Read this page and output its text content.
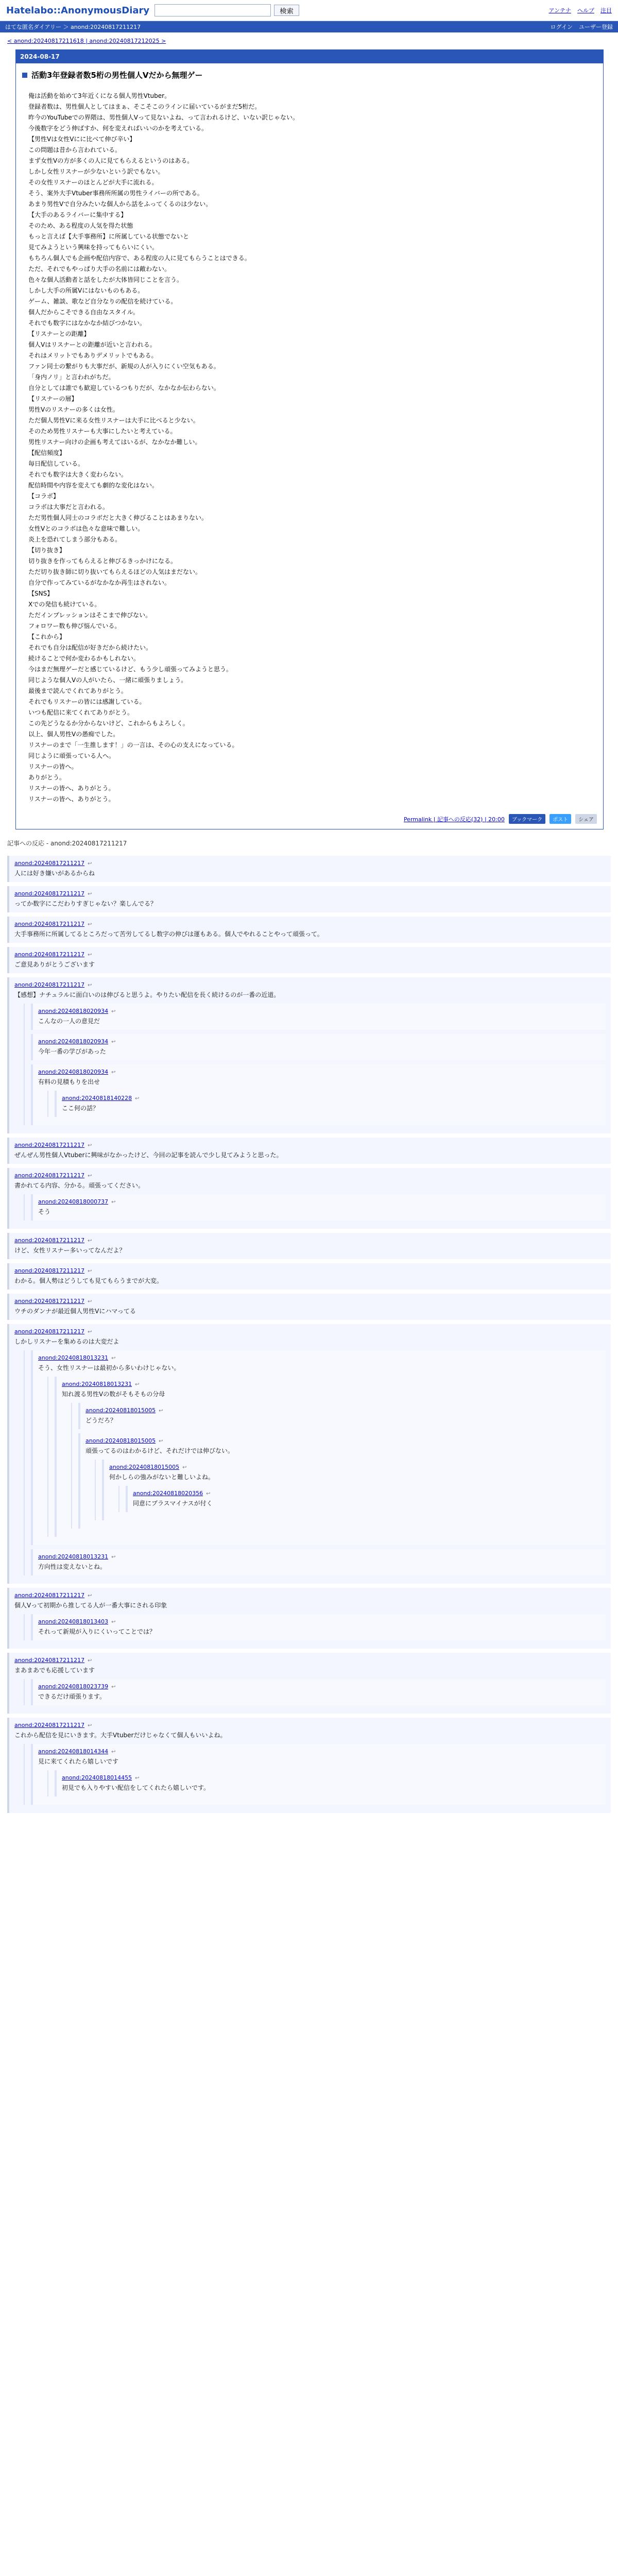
Hatelabo::AnonymousDiary	検索	アンテナ ヘルプ 注目
はてな匿名ダイアリー ＞ anond:20240817211217	ログイン ユーザー登録
< anond:20240817211618 | anond:20240817212025 >
2024-08-17
活動3年登録者数5桁の男性個人Vだから無理ゲー

俺は活動を始めて3年近くになる個人男性Vtuber。

登録者数は、男性個人としてはまぁ、そこそこのラインに届いているがまだ5桁だ。

昨今のYouTubeでの界隈は、男性個人Vって見ないよね、って言われるけど、いない訳じゃない。

今後数字をどう伸ばすか、何を変えればいいのかを考えている。

【男性Vは女性Vにに比べて伸び辛い】

この問題は昔から言われている。

まず女性Vの方が多くの人に見てもらえるというのはある。

しかし女性リスナーが少ないという訳でもない。

その女性リスナーのほとんどが大手に流れる。

そう、案外大手Vtuber事務所所属の男性ライバーの所である。

あまり男性Vで自分みたいな個人から話をふってくるのは少ない。

【大手のあるライバーに集中する】

そのため、ある程度の人気を得た状態

もっと言えば【大手事務所】に所属している状態でないと

見てみようという興味を持ってもらいにくい。

もちろん個人でも企画や配信内容で、ある程度の人に見てもらうことはできる。

ただ、それでもやっぱり大手の名前には敵わない。

色々な個人活動者と話をしたが大体皆同じことを言う。

しかし大手の所属Vにはないものもある。

ゲーム、雑談、歌など自分なりの配信を続けている。

個人だからこそできる自由なスタイル。

それでも数字にはなかなか結びつかない。

【リスナーとの距離】

個人Vはリスナーとの距離が近いと言われる。

それはメリットでもありデメリットでもある。

ファン同士の繋がりも大事だが、新規の人が入りにくい空気もある。

「身内ノリ」と言われがちだ。

自分としては誰でも歓迎しているつもりだが、なかなか伝わらない。

【リスナーの層】

男性Vのリスナーの多くは女性。

ただ個人男性Vに来る女性リスナーは大手に比べると少ない。

そのため男性リスナーも大事にしたいと考えている。

男性リスナー向けの企画も考えてはいるが、なかなか難しい。

【配信頻度】

毎日配信している。

それでも数字は大きく変わらない。

配信時間や内容を変えても劇的な変化はない。

【コラボ】

コラボは大事だと言われる。

ただ男性個人同士のコラボだと大きく伸びることはあまりない。

女性Vとのコラボは色々な意味で難しい。

炎上を恐れてしまう部分もある。

【切り抜き】

切り抜きを作ってもらえると伸びるきっかけになる。

ただ切り抜き師に切り抜いてもらえるほどの人気はまだない。

自分で作ってみているがなかなか再生はされない。

【SNS】

Xでの発信も続けている。

ただインプレッションはそこまで伸びない。

フォロワー数も伸び悩んでいる。

【これから】

それでも自分は配信が好きだから続けたい。

続けることで何か変わるかもしれない。

今はまだ無理ゲーだと感じているけど、もう少し頑張ってみようと思う。

同じような個人Vの人がいたら、一緒に頑張りましょう。

最後まで読んでくれてありがとう。

それでもリスナーの皆には感謝している。

いつも配信に来てくれてありがとう。

この先どうなるか分からないけど、これからもよろしく。

以上、個人男性Vの愚痴でした。

リスナーのまで「一生推します！」の一言は、その心の支えになっている。

同じように頑張っている人へ。

リスナーの皆へ。

ありがとう。

リスナーの皆へ、ありがとう。

リスナーの皆へ、ありがとう。

Permalink | 記事への反応(32) | 20:00	ブックマーク	ポスト	シェア
記事への反応 - anond:20240817211217
anond:20240817211217 ↩
人には好き嫌いがあるからね
anond:20240817211217 ↩
ってか数字にこだわりすぎじゃない？楽しんでる？
anond:20240817211217 ↩
大手事務所に所属してるところだって苦労してるし数字の伸びは運もある。個人でやれることやって頑張って。
anond:20240817211217 ↩
ご意見ありがとうございます
anond:20240817211217 ↩
【感想】ナチュラルに面白いのは伸びると思うよ。やりたい配信を長く続けるのが一番の近道。
anond:20240818020934 ↩
こんなの一人の意見だ
anond:20240818020934 ↩
今年一番の学びがあった
anond:20240818020934 ↩
有料の見積もりを出せ
anond:20240818140228 ↩
ここ何の話？
anond:20240817211217 ↩
ぜんぜん男性個人Vtuberに興味がなかったけど、今回の記事を読んで少し見てみようと思った。
anond:20240817211217 ↩
書かれてる内容、分かる。頑張ってください。
anond:20240818000737 ↩
そう
anond:20240817211217 ↩
けど、女性リスナー多いってなんだよ？
anond:20240817211217 ↩
わかる。個人勢はどうしても見てもらうまでが大変。
anond:20240817211217 ↩
ウチのダンナが最近個人男性Vにハマってる
anond:20240817211217 ↩
しかしリスナーを集めるのは大変だよ
anond:20240818013231 ↩
そう、女性リスナーは最初から多いわけじゃない。
anond:20240818013231 ↩
知れ渡る男性Vの数がそもそもの分母
anond:20240818015005 ↩
どうだろ？
anond:20240818015005 ↩
頑張ってるのはわかるけど、それだけでは伸びない。
anond:20240818015005 ↩
何かしらの強みがないと難しいよね。
anond:20240818020356 ↩
同意にプラスマイナスが付く
anond:20240818013231 ↩
方向性は変えないとね。
anond:20240817211217 ↩
個人Vって初期から推してる人が一番大事にされる印象
anond:20240818013403 ↩
それって新規が入りにくいってことでは？
anond:20240817211217 ↩
まあまあでも応援しています
anond:20240818023739 ↩
できるだけ頑張ります。
anond:20240817211217 ↩
これから配信を見にいきます。大手Vtuberだけじゃなくて個人もいいよね。
anond:20240818014344 ↩
見に来てくれたら嬉しいです
anond:20240818014455 ↩
初見でも入りやすい配信をしてくれたら嬉しいです。
